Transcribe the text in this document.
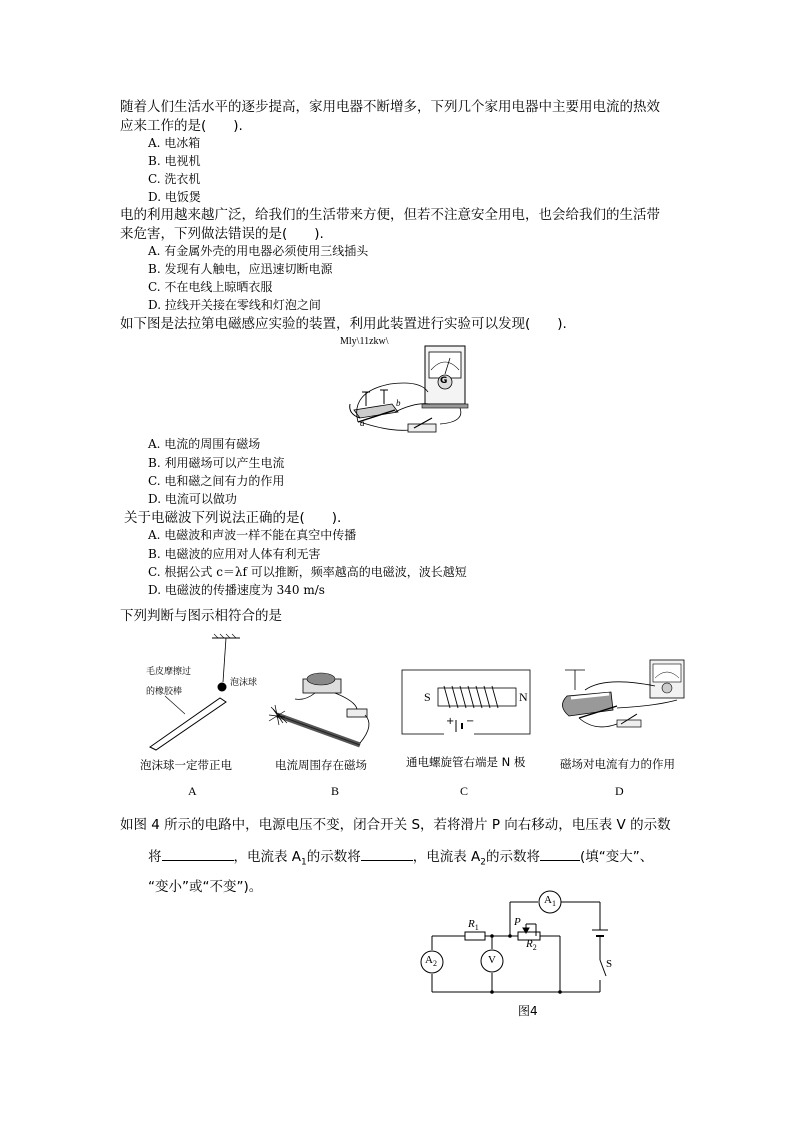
随着人们生活水平的逐步提高，家用电器不断增多，下列几个家用电器中主要用电流的热效
应来工作的是(　　).
A. 电冰箱
B. 电视机
C. 洗衣机
D. 电饭煲
电的利用越来越广泛，给我们的生活带来方便，但若不注意安全用电，也会给我们的生活带
来危害，下列做法错误的是(　　).
A. 有金属外壳的用电器必须使用三线插头
B. 发现有人触电，应迅速切断电源
C. 不在电线上晾晒衣服
D. 拉线开关接在零线和灯泡之间
如下图是法拉第电磁感应实验的装置，利用此装置进行实验可以发现(　　).
Mly\11zkw\
G
a
b
A. 电流的周围有磁场
B. 利用磁场可以产生电流
C. 电和磁之间有力的作用
D. 电流可以做功
关于电磁波下列说法正确的是(　　).
A. 电磁波和声波一样不能在真空中传播
B. 电磁波的应用对人体有利无害
C. 根据公式 c＝λf 可以推断，频率越高的电磁波，波长越短
D. 电磁波的传播速度为 340 m/s
下列判断与图示相符合的是
毛皮摩擦过
的橡胶棒
泡沫球
泡沫球一定带正电
A
电流周围存在磁场
B
S	N
+ −
通电螺旋管右端是 N 极
C
磁场对电流有力的作用
D
如图 4 所示的电路中，电源电压不变，闭合开关 S，若将滑片 P 向右移动，电压表 V 的示数
将	，电流表 $A_1$的示数将	，电流表 $A_2$的示数将	(填“变大”、
“变小”或“不变”)。
$A_1$
$A_2$	V
$R_1$
$R_2$
P
S
图4
